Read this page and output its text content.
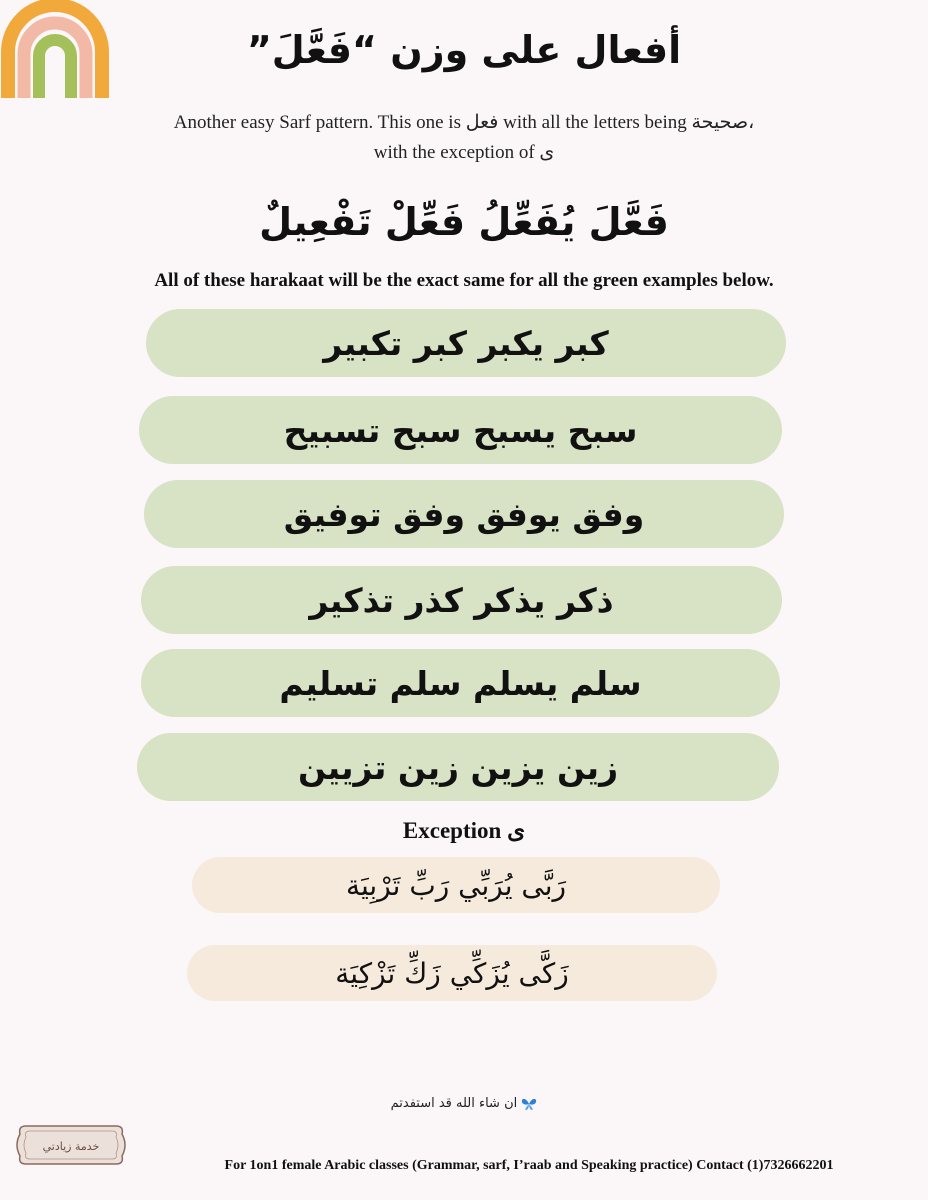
أفعال على وزن “فَعَّلَ”
Another easy Sarf pattern. This one is فعل with all the letters being صحيحة،
with the exception of ى
فَعَّلَ يُفَعِّلُ فَعِّلْ تَفْعِيلٌ
All of these harakaat will be the exact same for all the green examples below.
كبر يكبر كبر تكبير
سبح يسبح سبح تسبيح
وفق يوفق وفق توفيق
ذكر يذكر كذر تذكير
سلم يسلم سلم تسليم
زين يزين زين تزيين
Exception ى
رَبَّى يُرَبِّي رَبِّ تَرْبِيَة
زَكَّى يُزَكِّي زَكِّ تَزْكِيَة
ان شاء الله قد استفدتم
خدمة زيادتي
For 1on1 female Arabic classes (Grammar, sarf, I’raab and Speaking practice) Contact (1)7326662201
